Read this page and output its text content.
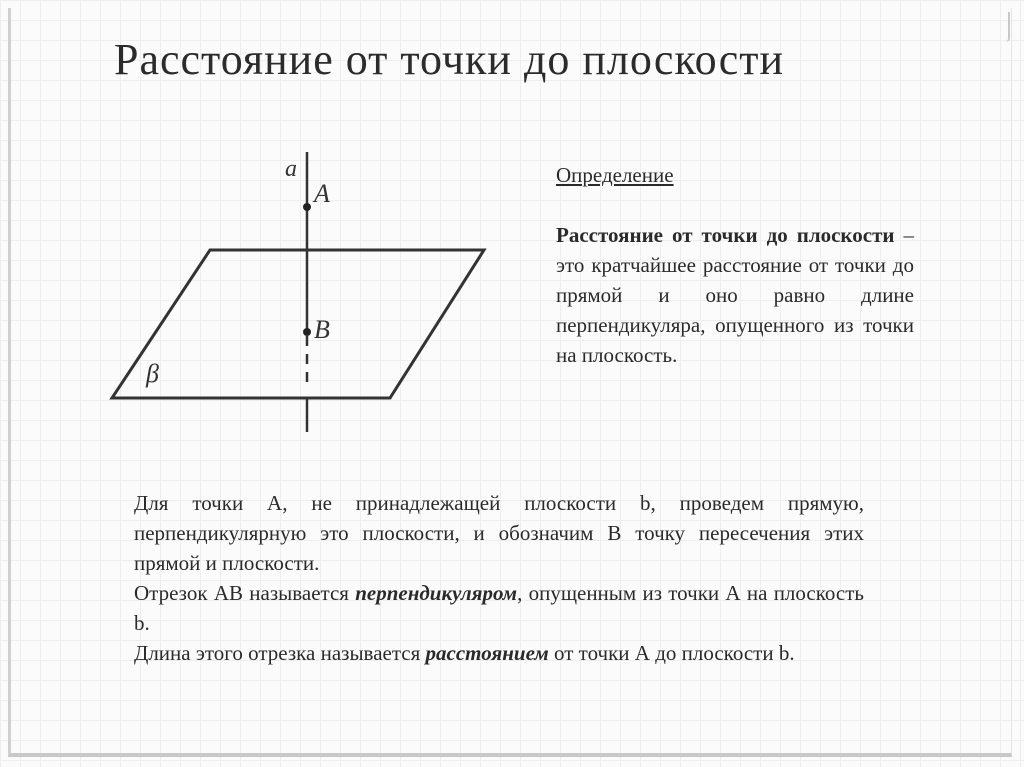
Расстояние от точки до плоскости
a
A
B
β
Определение
Расстояние от точки до плоскости – это кратчайшее расстояние от точки до прямой и оно равно длине перпендикуляра, опущенного из точки на плоскость.

Для точки А, не принадлежащей плоскости b, проведем прямую, перпендикулярную это плоскости, и обозначим В точку пересечения этих прямой и плоскости.

Отрезок АВ называется перпендикуляром, опущенным из точки А на плоскость b.

Длина этого отрезка называется расстоянием от точки А до плоскости b.
